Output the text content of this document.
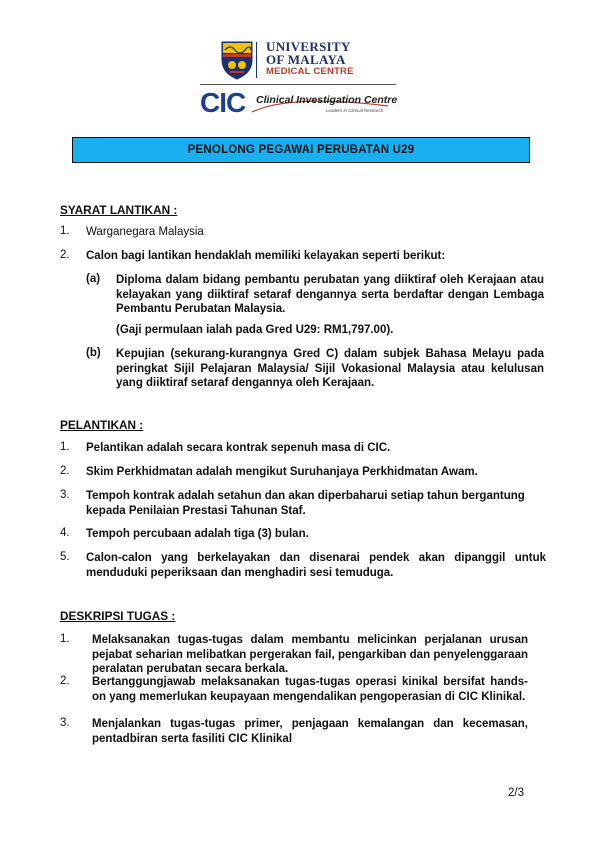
UNIVERSITY
OF MALAYA
MEDICAL CENTRE
CIC Clinical Investigation Centre
Leaders in Clinical Research
PENOLONG PEGAWAI PERUBATAN U29
SYARAT LANTIKAN :
1. Warganegara Malaysia
2. Calon bagi lantikan hendaklah memiliki kelayakan seperti berikut:
(a) Diploma dalam bidang pembantu perubatan yang diiktiraf oleh Kerajaan atau kelayakan yang diiktiraf setaraf dengannya serta berdaftar dengan Lembaga Pembantu Perubatan Malaysia.
(Gaji permulaan ialah pada Gred U29: RM1,797.00).
(b) Kepujian (sekurang-kurangnya Gred C) dalam subjek Bahasa Melayu pada peringkat Sijil Pelajaran Malaysia/ Sijil Vokasional Malaysia atau kelulusan yang diiktiraf setaraf dengannya oleh Kerajaan.
PELANTIKAN :
1. Pelantikan adalah secara kontrak sepenuh masa di CIC.
2. Skim Perkhidmatan adalah mengikut Suruhanjaya Perkhidmatan Awam.
3. Tempoh kontrak adalah setahun dan akan diperbaharui setiap tahun bergantung kepada Penilaian Prestasi Tahunan Staf.
4. Tempoh percubaan adalah tiga (3) bulan.
5. Calon-calon yang berkelayakan dan disenarai pendek akan dipanggil untuk menduduki peperiksaan dan menghadiri sesi temuduga.
DESKRIPSI TUGAS :
1. Melaksanakan tugas-tugas dalam membantu melicinkan perjalanan urusan pejabat seharian melibatkan pergerakan fail, pengarkiban dan penyelenggaraan peralatan perubatan secara berkala.
2. Bertanggungjawab melaksanakan tugas-tugas operasi kinikal bersifat hands-on yang memerlukan keupayaan mengendalikan pengoperasian di CIC Klinikal.
3. Menjalankan tugas-tugas primer, penjagaan kemalangan dan kecemasan, pentadbiran serta fasiliti CIC Klinikal
2/3
